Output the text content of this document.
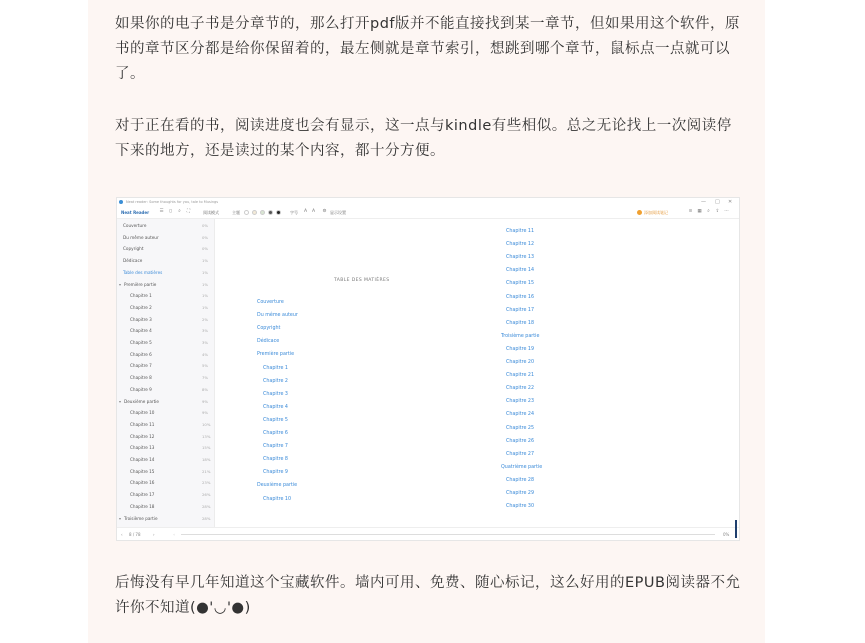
如果你的电子书是分章节的，那么打开pdf版并不能直接找到某一章节，但如果用这个软件，原书的章节区分都是给你保留着的，最左侧就是章节索引，想跳到哪个章节，鼠标点一点就可以了。
对于正在看的书，阅读进度也会有显示，这一点与kindle有些相似。总之无论找上一次阅读停下来的地方，还是读过的某个内容，都十分方便。
后悔没有早几年知道这个宝藏软件。墙内可用、免费、随心标记，这么好用的EPUB阅读器不允许你不知道(●'◡'●)
Neat reader: Some thoughts for you, tale to Musings	— □ ✕
Neat Reader ☰ ▯ ⌕ ⛶	阅读模式	主题	字号 A A ⚙ 显示设置	添加阅读笔记	≡ ▦ ⌕ ⇪ ⋯
Couverture	0%
Du même auteur	0%
Copyright	0%
Dédicace	1%
Table des matières	1%
▾ Première partie	1%
Chapitre 1	1%
Chapitre 2	1%
Chapitre 3	2%
Chapitre 4	3%
Chapitre 5	3%
Chapitre 6	4%
Chapitre 7	5%
Chapitre 8	7%
Chapitre 9	8%
▾ Deuxième partie	9%
Chapitre 10	9%
Chapitre 11	10%
Chapitre 12	13%
Chapitre 13	15%
Chapitre 14	18%
Chapitre 15	21%
Chapitre 16	23%
Chapitre 17	26%
Chapitre 18	28%
▾ Troisième partie	28%
TABLE DES MATIÈRES
‹ 8 / 78	›	◦	0%
Couverture
Du même auteur
Copyright
Dédicace
Première partie
Chapitre 1
Chapitre 2
Chapitre 3
Chapitre 4
Chapitre 5
Chapitre 6
Chapitre 7
Chapitre 8
Chapitre 9
Deuxième partie
Chapitre 10
Chapitre 11
Chapitre 12
Chapitre 13
Chapitre 14
Chapitre 15
Chapitre 16
Chapitre 17
Chapitre 18
Troisième partie
Chapitre 19
Chapitre 20
Chapitre 21
Chapitre 22
Chapitre 23
Chapitre 24
Chapitre 25
Chapitre 26
Chapitre 27
Quatrième partie
Chapitre 28
Chapitre 29
Chapitre 30
